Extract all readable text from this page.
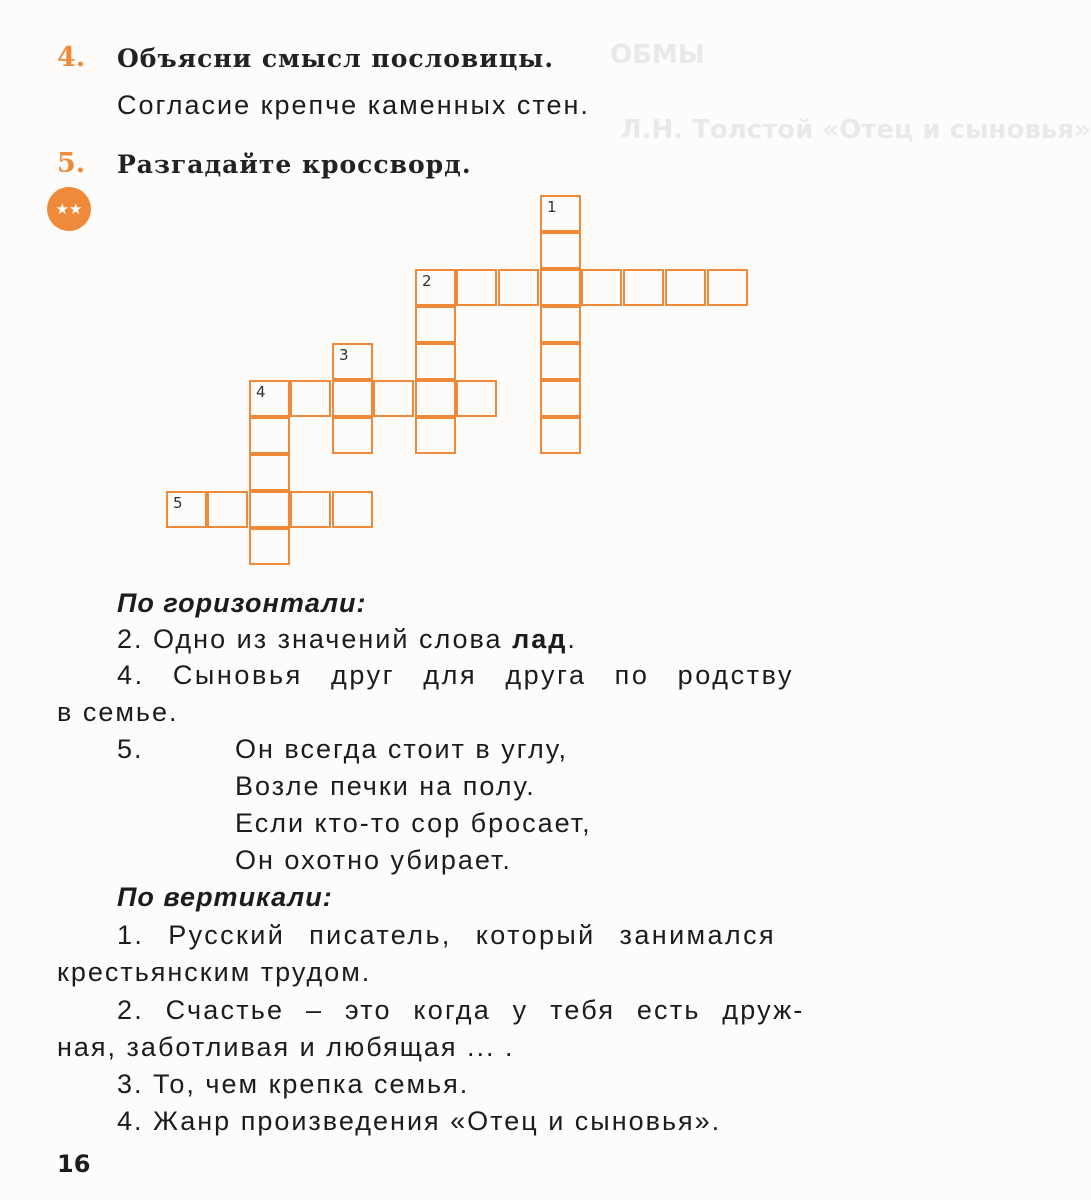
ОБМЫ
Л.Н. Толстой «Отец и сыновья»
4. Объясни смысл пословицы.
Согласие крепче каменных стен.
5. Разгадайте кроссворд.
★★	1
2
3
4
5
По горизонтали:
2. Одно из значений слова лад.
4. Сыновья друг для друга по родству
в семье.
5.	Он всегда стоит в углу,
Возле печки на полу.
Если кто-то сор бросает,
Он охотно убирает.
По вертикали:
1. Русский писатель, который занимался
крестьянским трудом.
2. Счастье – это когда у тебя есть друж-
ная, заботливая и любящая ... .
3. То, чем крепка семья.
4. Жанр произведения «Отец и сыновья».
16
